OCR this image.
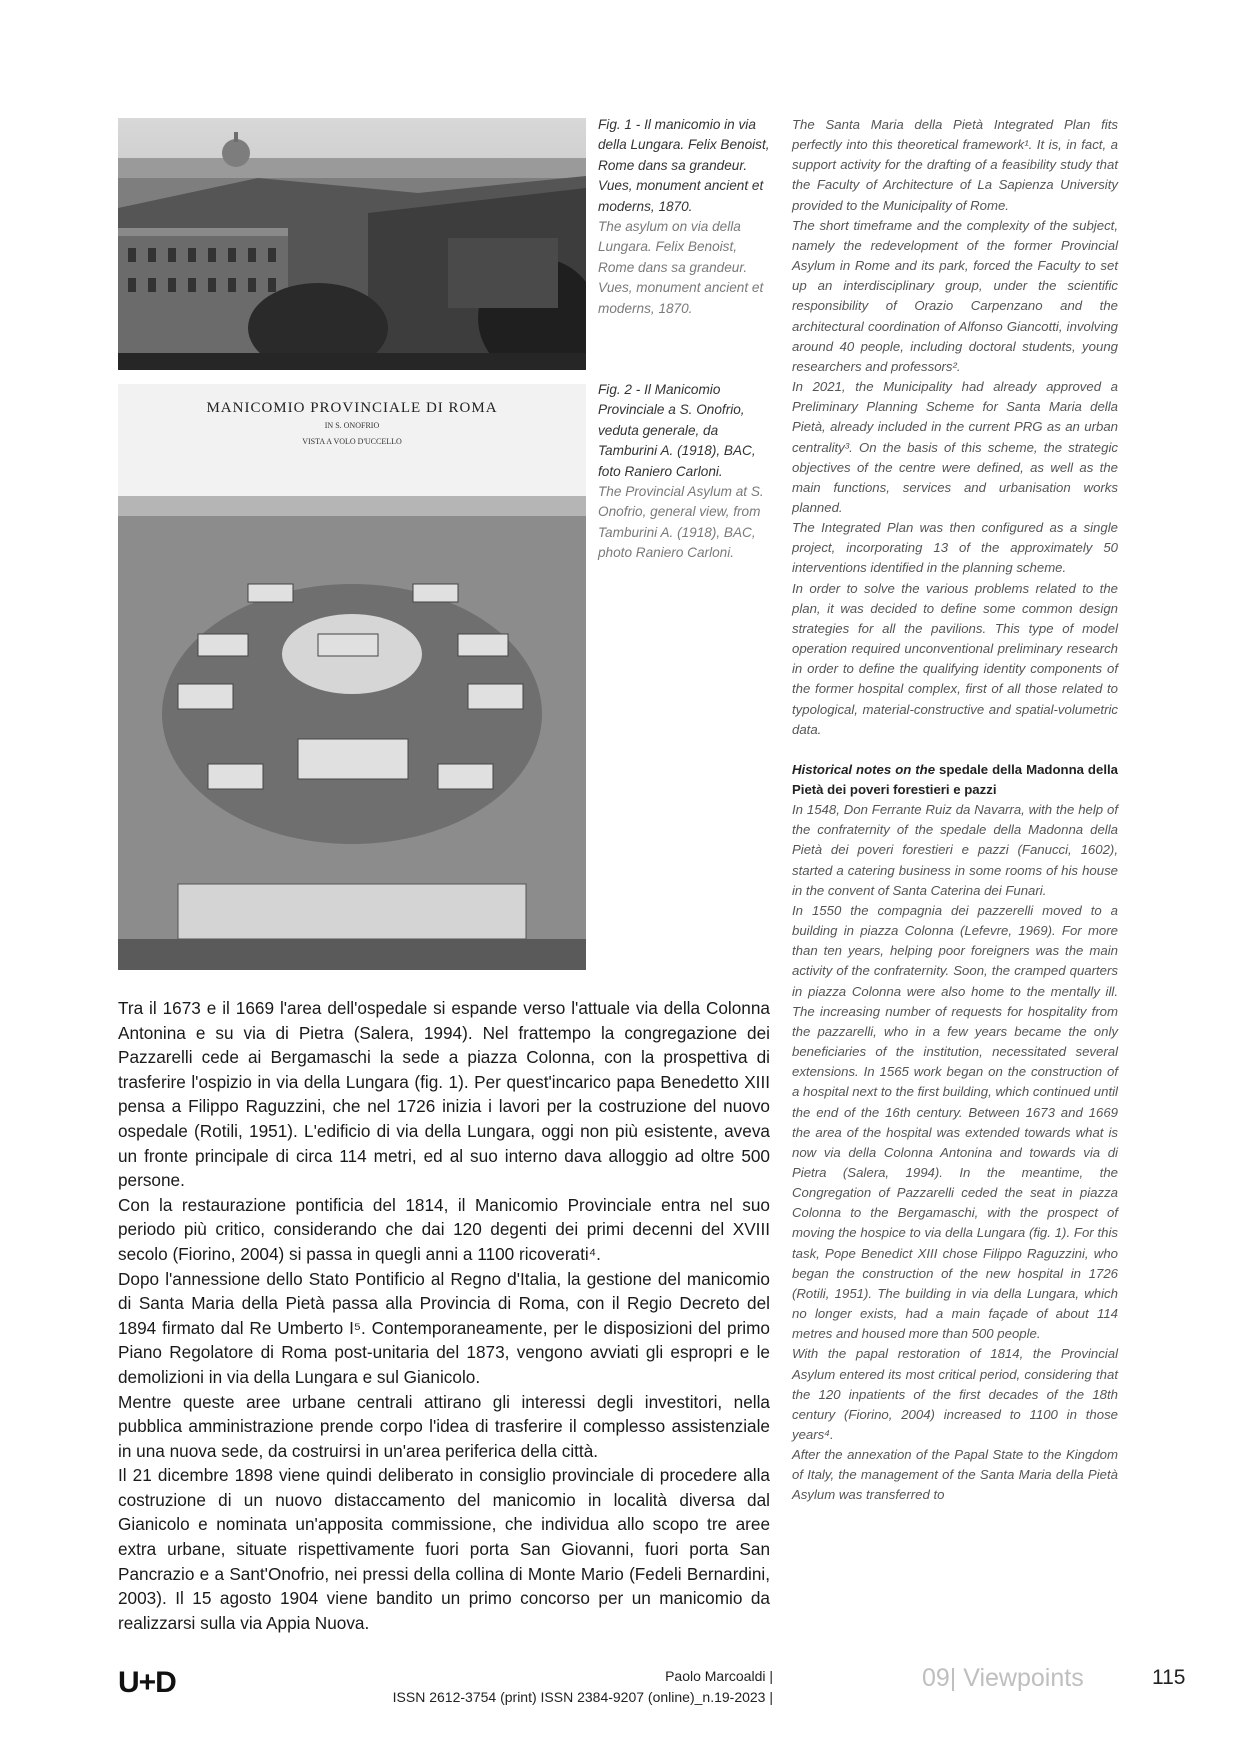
Fig. 1 - Il manicomio in via della Lungara. Felix Benoist, Rome dans sa grandeur. Vues, monument ancient et moderns, 1870.
The asylum on via della Lungara. Felix Benoist, Rome dans sa grandeur. Vues, monument ancient et moderns, 1870.
MANICOMIO PROVINCIALE DI ROMA
IN S. ONOFRIO
VISTA A VOLO D'UCCELLO
Fig. 2 - Il Manicomio Provinciale a S. Onofrio, veduta generale, da Tamburini A. (1918), BAC, foto Raniero Carloni.
The Provincial Asylum at S. Onofrio, general view, from Tamburini A. (1918), BAC, photo Raniero Carloni.

The Santa Maria della Pietà Integrated Plan fits perfectly into this theoretical framework¹. It is, in fact, a support activity for the drafting of a feasibility study that the Faculty of Architecture of La Sapienza University provided to the Municipality of Rome.

The short timeframe and the complexity of the subject, namely the redevelopment of the former Provincial Asylum in Rome and its park, forced the Faculty to set up an interdisciplinary group, under the scientific responsibility of Orazio Carpenzano and the architectural coordination of Alfonso Giancotti, involving around 40 people, including doctoral students, young researchers and professors².

In 2021, the Municipality had already approved a Preliminary Planning Scheme for Santa Maria della Pietà, already included in the current PRG as an urban centrality³. On the basis of this scheme, the strategic objectives of the centre were defined, as well as the main functions, services and urbanisation works planned.

The Integrated Plan was then configured as a single project, incorporating 13 of the approximately 50 interventions identified in the planning scheme.

In order to solve the various problems related to the plan, it was decided to define some common design strategies for all the pavilions. This type of model operation required unconventional preliminary research in order to define the qualifying identity components of the former hospital complex, first of all those related to typological, material-constructive and spatial-volumetric data.

Historical notes on the spedale della Madonna della Pietà dei poveri forestieri e pazzi

In 1548, Don Ferrante Ruiz da Navarra, with the help of the confraternity of the spedale della Madonna della Pietà dei poveri forestieri e pazzi (Fanucci, 1602), started a catering business in some rooms of his house in the convent of Santa Caterina dei Funari.

In 1550 the compagnia dei pazzerelli moved to a building in piazza Colonna (Lefevre, 1969). For more than ten years, helping poor foreigners was the main activity of the confraternity. Soon, the cramped quarters in piazza Colonna were also home to the mentally ill. The increasing number of requests for hospitality from the pazzarelli, who in a few years became the only beneficiaries of the institution, necessitated several extensions. In 1565 work began on the construction of a hospital next to the first building, which continued until the end of the 16th century. Between 1673 and 1669 the area of the hospital was extended towards what is now via della Colonna Antonina and towards via di Pietra (Salera, 1994). In the meantime, the Congregation of Pazzarelli ceded the seat in piazza Colonna to the Bergamaschi, with the prospect of moving the hospice to via della Lungara (fig. 1). For this task, Pope Benedict XIII chose Filippo Raguzzini, who began the construction of the new hospital in 1726 (Rotili, 1951). The building in via della Lungara, which no longer exists, had a main façade of about 114 metres and housed more than 500 people.

With the papal restoration of 1814, the Provincial Asylum entered its most critical period, considering that the 120 inpatients of the first decades of the 18th century (Fiorino, 2004) increased to 1100 in those years⁴.

After the annexation of the Papal State to the Kingdom of Italy, the management of the Santa Maria della Pietà Asylum was transferred to

Tra il 1673 e il 1669 l'area dell'ospedale si espande verso l'attuale via della Colonna Antonina e su via di Pietra (Salera, 1994). Nel frattempo la congregazione dei Pazzarelli cede ai Bergamaschi la sede a piazza Colonna, con la prospettiva di trasferire l'ospizio in via della Lungara (fig. 1). Per quest'incarico papa Benedetto XIII pensa a Filippo Raguzzini, che nel 1726 inizia i lavori per la costruzione del nuovo ospedale (Rotili, 1951). L'edificio di via della Lungara, oggi non più esistente, aveva un fronte principale di circa 114 metri, ed al suo interno dava alloggio ad oltre 500 persone.

Con la restaurazione pontificia del 1814, il Manicomio Provinciale entra nel suo periodo più critico, considerando che dai 120 degenti dei primi decenni del XVIII secolo (Fiorino, 2004) si passa in quegli anni a 1100 ricoverati⁴.

Dopo l'annessione dello Stato Pontificio al Regno d'Italia, la gestione del manicomio di Santa Maria della Pietà passa alla Provincia di Roma, con il Regio Decreto del 1894 firmato dal Re Umberto I⁵. Contemporaneamente, per le disposizioni del primo Piano Regolatore di Roma post-unitaria del 1873, vengono avviati gli espropri e le demolizioni in via della Lungara e sul Gianicolo.

Mentre queste aree urbane centrali attirano gli interessi degli investitori, nella pubblica amministrazione prende corpo l'idea di trasferire il complesso assistenziale in una nuova sede, da costruirsi in un'area periferica della città.

Il 21 dicembre 1898 viene quindi deliberato in consiglio provinciale di procedere alla costruzione di un nuovo distaccamento del manicomio in località diversa dal Gianicolo e nominata un'apposita commissione, che individua allo scopo tre aree extra urbane, situate rispettivamente fuori porta San Giovanni, fuori porta San Pancrazio e a Sant'Onofrio, nei pressi della collina di Monte Mario (Fedeli Bernardini, 2003). Il 15 agosto 1904 viene bandito un primo concorso per un manicomio da realizzarsi sulla via Appia Nuova.

U+D	Paolo Marcoaldi |
ISSN 2612-3754 (print) ISSN 2384-9207 (online)_n.19-2023 |
09| Viewpoints	115
